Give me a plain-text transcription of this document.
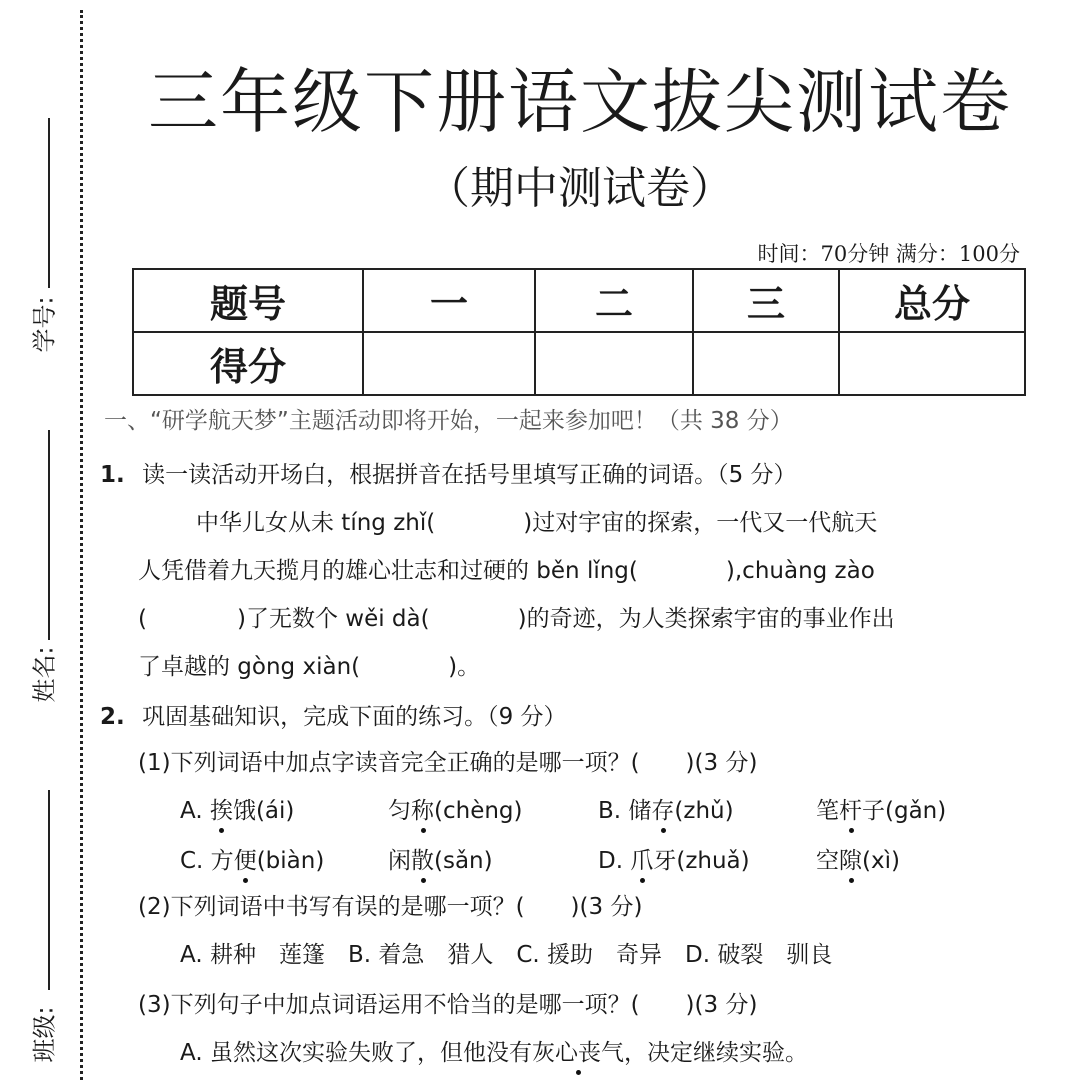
学号:
姓名:
班级:
三年级下册语文拔尖测试卷
（期中测试卷）
时间：70分钟 满分：100分
题号	一	二	三	总分
得分				
一、“研学航天梦”主题活动即将开始，一起来参加吧！（共 38 分）
1. 读一读活动开场白，根据拼音在括号里填写正确的词语。（5 分）
中华儿女从未 tíng zhǐ(	)过对宇宙的探索，一代又一代航天
人凭借着九天揽月的雄心壮志和过硬的 běn lǐng(	),chuàng zào
(	)了无数个 wěi dà(	)的奇迹，为人类探索宇宙的事业作出
了卓越的 gòng xiàn(	)。
2. 巩固基础知识，完成下面的练习。（9 分）
(1)下列词语中加点字读音完全正确的是哪一项？(　　)(3 分)
A. 挨饿(ái)	匀称(chèng)	B. 储存(zhǔ)	笔杆子(gǎn)
C. 方便(biàn)	闲散(sǎn)	D. 爪牙(zhuǎ)	空隙(xì)
(2)下列词语中书写有误的是哪一项？(　　)(3 分)
A. 耕种　莲篷　B. 着急　猎人　C. 援助　奇异　D. 破裂　驯良
(3)下列句子中加点词语运用不恰当的是哪一项？(　　)(3 分)
A. 虽然这次实验失败了，但他没有灰心丧气，决定继续实验。
